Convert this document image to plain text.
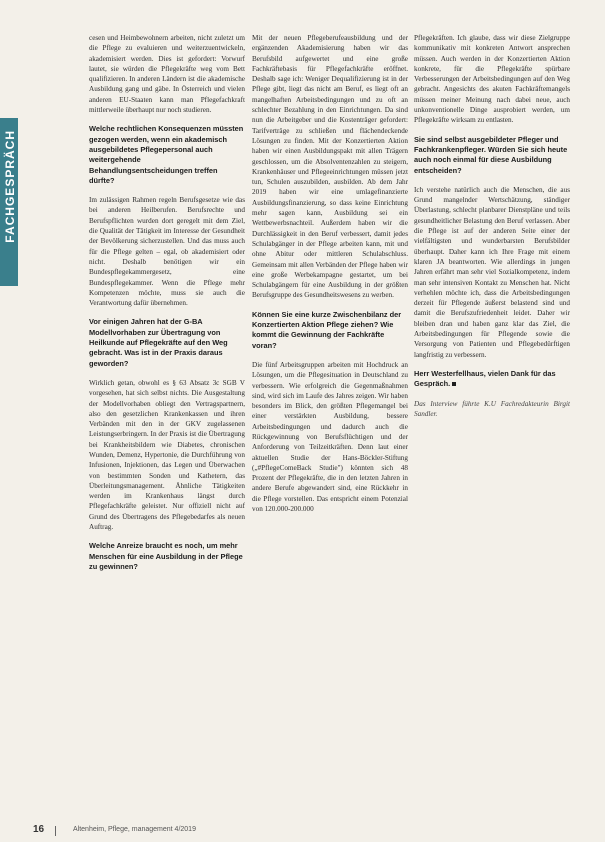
FACHGESPRÄCH

cesen und Heimbewohnern arbeiten, nicht zuletzt um die Pflege zu evaluieren und weiterzuentwickeln, akademisiert werden. Dies ist gefordert: Vorwurf lautet, sie würden die Pflegekräfte weg vom Bett qualifizieren. In anderen Ländern ist die akademische Ausbildung gang und gäbe. In Österreich und vielen anderen EU-Staaten kann man Pflegefachkraft mittlerweile überhaupt nur noch studieren.

Welche rechtlichen Konsequenzen müssten gezogen werden, wenn ein akademisch ausgebildetes Pflegepersonal auch weitergehende Behandlungsentscheidungen treffen dürfte?

Im zulässigen Rahmen regeln Berufsgesetze wie das bei anderen Heilberufen. Berufsrechte und Berufspflichten wurden dort geregelt mit dem Ziel, die Qualität der Tätigkeit im Interesse der Gesundheit der Bevölkerung sicherzustellen. Und das muss auch für die Pflege gelten – egal, ob akademisiert oder nicht. Deshalb benötigen wir ein Bundespflegekammergesetz, eine Bundespflegekammer. Wenn die Pflege mehr Kompetenzen möchte, muss sie auch die Verantwortung dafür übernehmen.

Vor einigen Jahren hat der G-BA Modellvorhaben zur Übertragung von Heilkunde auf Pflegekräfte auf den Weg gebracht. Was ist in der Praxis daraus geworden?

Wirklich getan, obwohl es § 63 Absatz 3c SGB V vorgesehen, hat sich selbst nichts. Die Ausgestaltung der Modellvorhaben obliegt den Vertragspartnern, also den gesetzlichen Krankenkassen und ihren Verbänden mit den in der GKV zugelassenen Leistungserbringern. In der Praxis ist die Übertragung bei Krankheitsbildern wie Diabetes, chronischen Wunden, Demenz, Hypertonie, die Durchführung von Infusionen, Injektionen, das Legen und Überwachen von bestimmten Sonden und Kathetern, das Überleitungsmanagement. Ähnliche Tätigkeiten werden im Krankenhaus längst durch Pflegefachkräfte geleistet. Nur offiziell nicht auf Grund des Übertragens des Pflegebedarfes als neuen Auftrag.

Welche Anreize braucht es noch, um mehr Menschen für eine Ausbildung in der Pflege zu gewinnen?

Mit der neuen Pflegeberufeausbildung und der ergänzenden Akademisierung haben wir das Berufsbild aufgewertet und eine große Fachkräftebasis für Pflegefachkräfte eröffnet. Deshalb sage ich: Weniger Dequalifizierung ist in der Pflege gibt, liegt das nicht am Beruf, es liegt oft an mangelhaften Arbeitsbedingungen und zu oft an schlechter Bezahlung in den Einrichtungen. Da sind nun die Arbeitgeber und die Kostenträger gefordert: Tarifverträge zu schließen und flächendeckende Lösungen zu finden. Mit der Konzertierten Aktion haben wir einen Ausbildungspakt mit allen Trägern geschlossen, um die Absolventenzahlen zu steigern, Krankenhäuser und Pflegeeinrichtungen müssen jetzt tun, Schulen auszubilden, ausbilden. Ab dem Jahr 2019 haben wir eine umlagefinanzierte Ausbildungsfinanzierung, so dass keine Einrichtung mehr sagen kann, Ausbildung sei ein Wettbewerbsnachteil. Außerdem haben wir die Durchlässigkeit in den Beruf verbessert, damit jedes Schulabgänger in der Pflege arbeiten kann, mit und ohne Abitur oder mittleren Schulabschluss. Gemeinsam mit allen Verbänden der Pflege haben wir eine große Werbekampagne gestartet, um bei Schulabgängern für eine Ausbildung in der größten Berufsgruppe des Gesundheitswesens zu werben.

Können Sie eine kurze Zwischenbilanz der Konzertierten Aktion Pflege ziehen? Wie kommt die Gewinnung der Fachkräfte voran?

Die fünf Arbeitsgruppen arbeiten mit Hochdruck an Lösungen, um die Pflegesituation in Deutschland zu verbessern. Wie erfolgreich die Gegenmaßnahmen sind, wird sich im Laufe des Jahres zeigen. Wir haben besonders im Blick, den größten Pflegemangel bei einer verstärkten Ausbildung, bessere Arbeitsbedingungen und dadurch auch die Rückgewinnung von Berufsflüchtigen und der Anforderung von Teilzeitkräften. Denn laut einer aktuellen Studie der Hans-Böckler-Stiftung („#PflegeComeBack Studie") könnten sich 48 Prozent der Pflegekräfte, die in den letzten Jahren in andere Berufe abgewandert sind, eine Rückkehr in die Pflege vorstellen. Das entspricht einem Potenzial von 120.000-200.000

Pflegekräften. Ich glaube, dass wir diese Zielgruppe kommunikativ mit konkreten Antwort ansprechen müssen. Auch werden in der Konzertierten Aktion konkrete, für die Pflegekräfte spürbare Verbesserungen der Arbeitsbedingungen auf den Weg gebracht. Angesichts des akuten Fachkräftemangels müssen meiner Meinung nach dabei neue, auch unkonventionelle Dinge ausprobiert werden, um Pflegekräfte wirksam zu entlasten.

Sie sind selbst ausgebildeter Pfleger und Fachkrankenpfleger. Würden Sie sich heute auch noch einmal für diese Ausbildung entscheiden?

Ich verstehe natürlich auch die Menschen, die aus Grund mangelnder Wertschätzung, ständiger Überlastung, schlecht planbarer Dienstpläne und teils gesundheitlicher Belastung den Beruf verlassen. Aber die Pflege ist auf der anderen Seite einer der vielfältigsten und wunderbarsten Berufsbilder überhaupt. Daher kann ich Ihre Frage mit einem klaren JA beantworten. Wie allerdings in jungen Jahren erfährt man sehr viel Sozialkompetenz, indem man sehr intensiven Kontakt zu Menschen hat. Nicht verhehlen möchte ich, dass die Arbeitsbedingungen derzeit für Pflegende äußerst belastend sind und damit die Berufszufriedenheit leidet. Daher wir bleiben dran und haben ganz klar das Ziel, die Arbeitsbedingungen für Pflegende sowie die Versorgung von Patienten und Pflegebedürftigen langfristig zu verbessern.

Herr Westerfellhaus, vielen Dank für das Gespräch.

Das Interview führte K.U Fachredakteurin Birgit Sandler.

16	Altenheim, Pflege, management 4/2019
